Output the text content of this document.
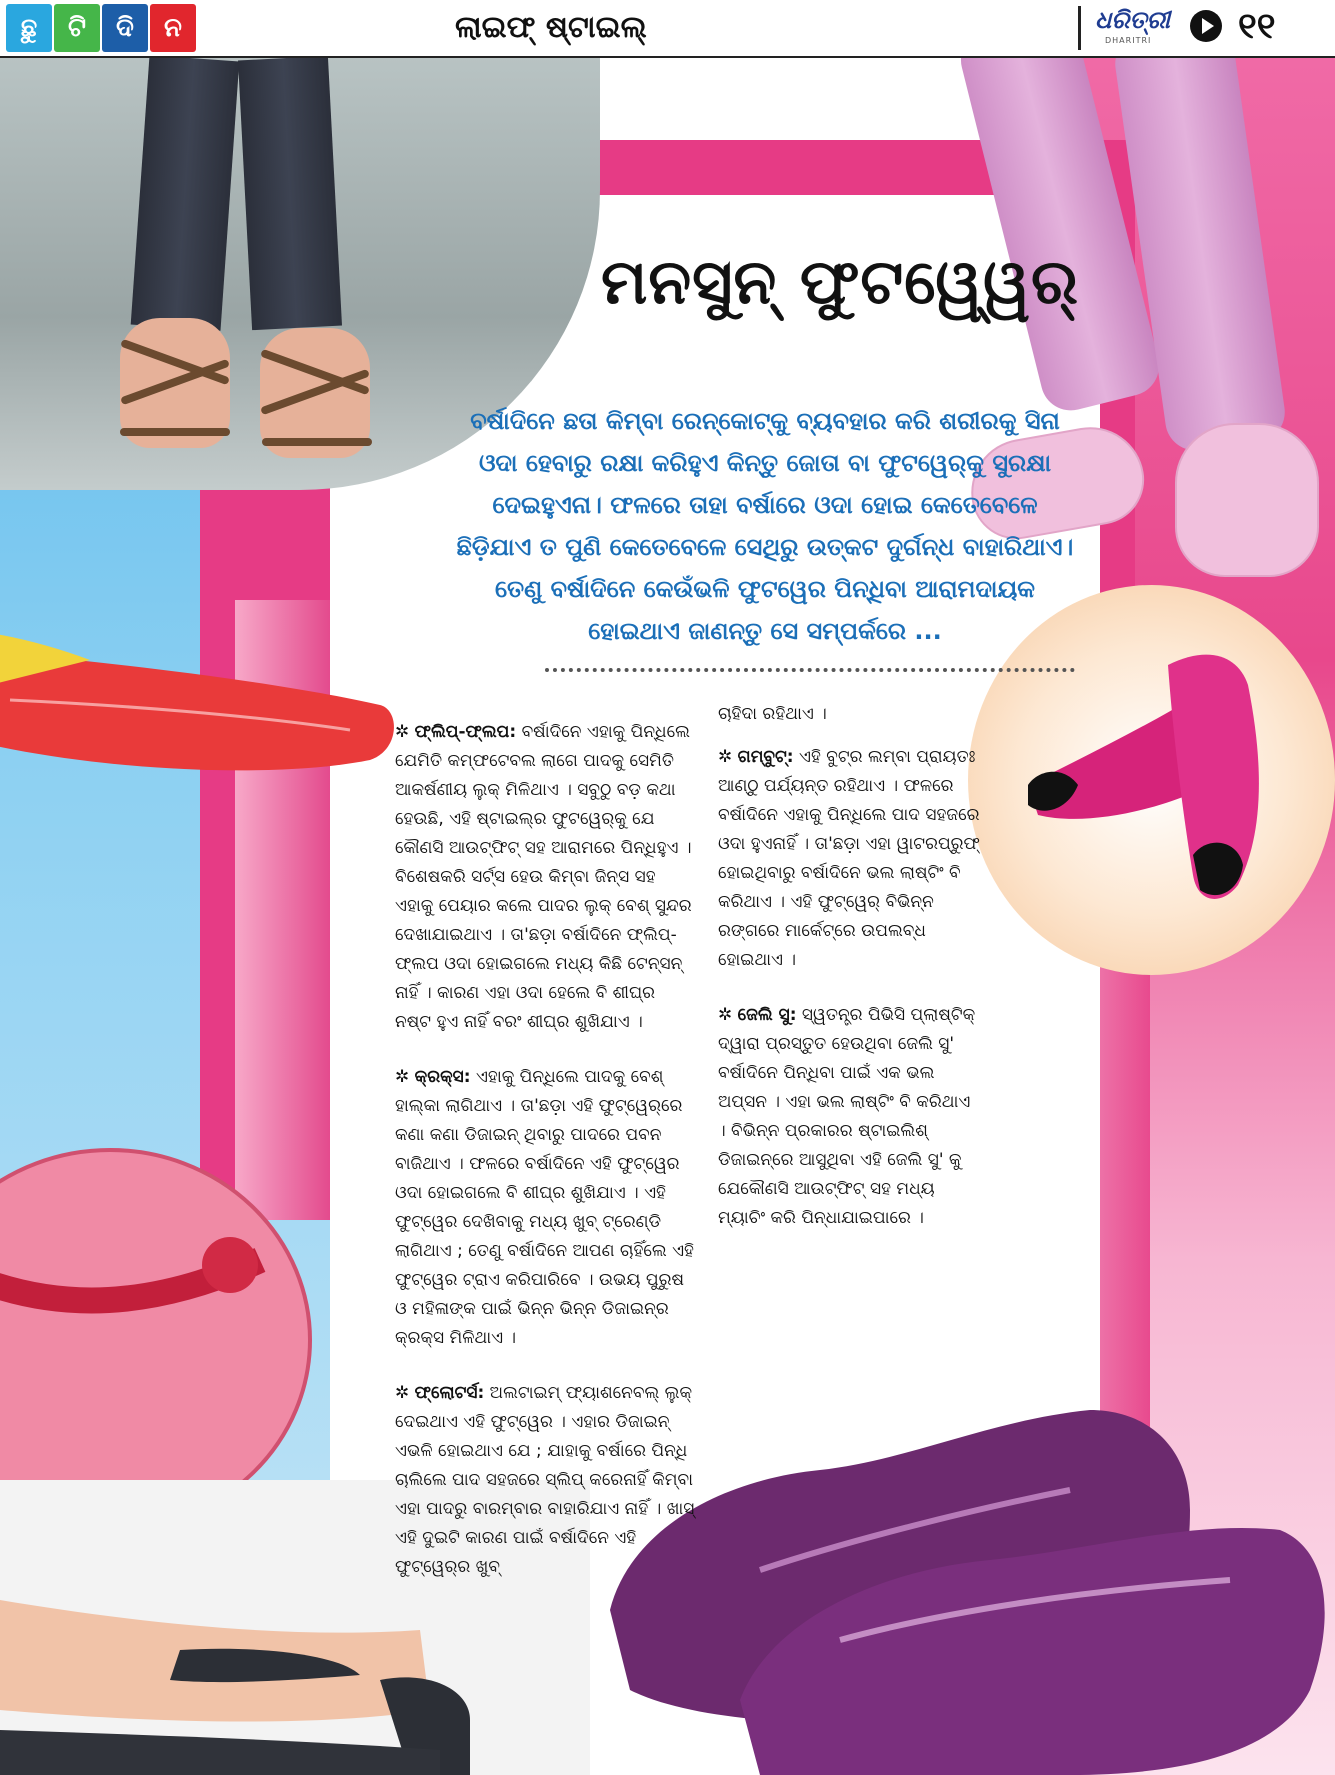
ଛୁ	ଟି	ଦି	ନ	ଲାଇଫ୍ ଷ୍ଟାଇଲ୍	ଧରିତ୍ରୀ
DHARITRI ୧୧
ମନସୁନ୍ ଫୁଟୱେ୍ୱର୍
ବର୍ଷାଦିନେ ଛତା କିମ୍ବା ରେନ୍‌କୋଟ୍‌କୁ ବ୍ୟବହାର କରି ଶରୀରକୁ ସିନା ଓଦା ହେବାରୁ ରକ୍ଷା କରିହୁଏ କିନ୍ତୁ ଜୋତା ବା ଫୁଟୱେର୍‌କୁ ସୁରକ୍ଷା ଦେଇହୁଏନା। ଫଳରେ ତାହା ବର୍ଷାରେ ଓଦା ହୋଇ କେତେବେଳେ ଛିଡ଼ିଯାଏ ତ ପୁଣି କେତେବେଳେ ସେଥିରୁ ଉତ୍କଟ ଦୁର୍ଗନ୍ଧ ବାହାରିଥାଏ। ତେଣୁ ବର୍ଷାଦିନେ କେଉଁଭଳି ଫୁଟୱେର ପିନ୍ଧିବା ଆରାମଦାୟକ ହୋଇଥାଏ ଜାଣନ୍ତୁ ସେ ସମ୍ପର୍କରେ ...

✲ ଫ୍ଲିପ୍-ଫ୍ଲପ: ବର୍ଷାଦିନେ ଏହାକୁ ପିନ୍ଧିଲେ ଯେମିତି କମ୍ଫଟେବଲ ଲାଗେ ପାଦକୁ ସେମିତି ଆକର୍ଷଣୀୟ ଲୁକ୍ ମିଳିଥାଏ । ସବୁଠୁ ବଡ଼ କଥା ହେଉଛି, ଏହି ଷ୍ଟାଇଲ୍‌ର ଫୁଟୱେର୍‌କୁ ଯେ କୌଣସି ଆଉଟ୍‌ଫିଟ୍ ସହ ଆରାମରେ ପିନ୍ଧିହୁଏ । ବିଶେଷକରି ସର୍ଟ୍ସ ହେଉ କିମ୍ବା ଜିନ୍ସ ସହ ଏହାକୁ ପେୟାର କଲେ ପାଦର ଲୁକ୍ ବେଶ୍ ସୁନ୍ଦର ଦେଖାଯାଇଥାଏ । ତା'ଛଡ଼ା ବର୍ଷାଦିନେ ଫ୍ଲିପ୍-ଫ୍ଲପ ଓଦା ହୋଇଗଲେ ମଧ୍ୟ କିଛି ଟେନ୍‌ସନ୍ ନାହିଁ । କାରଣ ଏହା ଓଦା ହେଲେ ବି ଶୀଘ୍ର ନଷ୍ଟ ହୁଏ ନାହିଁ ବରଂ ଶୀଘ୍ର ଶୁଖିଯାଏ ।

✲ କ୍ରକ୍ସ: ଏହାକୁ ପିନ୍ଧିଲେ ପାଦକୁ ବେଶ୍ ହାଲ୍‌କା ଲାଗିଥାଏ । ତା'ଛଡ଼ା ଏହି ଫୁଟ୍‌ୱେର୍‌ରେ କଣା କଣା ଡିଜାଇନ୍ ଥିବାରୁ ପାଦରେ ପବନ ବାଜିଥାଏ । ଫଳରେ ବର୍ଷାଦିନେ ଏହି ଫୁଟ୍‌ୱେର ଓଦା ହୋଇଗଲେ ବି ଶୀଘ୍ର ଶୁଖିଯାଏ । ଏହି ଫୁଟ୍‌ୱେର ଦେଖିବାକୁ ମଧ୍ୟ ଖୁବ୍ ଟ୍ରେଣ୍ଡି ଲାଗିଥାଏ ; ତେଣୁ ବର୍ଷାଦିନେ ଆପଣ ଚାହିଁଲେ ଏହି ଫୁଟ୍‌ୱେର ଟ୍ରାଏ କରିପାରିବେ । ଉଭୟ ପୁରୁଷ ଓ ମହିଳାଙ୍କ ପାଇଁ ଭିନ୍ନ ଭିନ୍ନ ଡିଜାଇନ୍‌ର କ୍ରକ୍ସ ମିଳିଥାଏ ।

✲ ଫ୍ଲୋଟର୍ସ: ଅଲଟାଇମ୍ ଫ୍ୟାଶନେବଲ୍ ଲୁକ୍ ଦେଇଥାଏ ଏହି ଫୁଟ୍‌ୱେର । ଏହାର ଡିଜାଇନ୍ ଏଭଳି ହୋଇଥାଏ ଯେ ; ଯାହାକୁ ବର୍ଷାରେ ପିନ୍ଧି ଚାଲିଲେ ପାଦ ସହଜରେ ସ୍ଲିପ୍ କରେନାହିଁ କିମ୍ବା ଏହା ପାଦରୁ ବାରମ୍ବାର ବାହାରିଯାଏ ନାହିଁ । ଖାସ୍ ଏହି ଦୁଇଟି କାରଣ ପାଇଁ ବର୍ଷାଦିନେ ଏହି ଫୁଟ୍‌ୱେର୍‌ର ଖୁବ୍

ଚାହିଦା ରହିଥାଏ ।

✲ ଗମ୍‌ବୁଟ୍: ଏହି ବୁଟ୍‌ର ଲମ୍ବା ପ୍ରାୟତଃ ଆଣ୍ଠୁ ପର୍ଯ୍ୟନ୍ତ ରହିଥାଏ । ଫଳରେ ବର୍ଷାଦିନେ ଏହାକୁ ପିନ୍ଧିଲେ ପାଦ ସହଜରେ ଓଦା ହୁଏନାହିଁ । ତା'ଛଡ଼ା ଏହା ୱାଟରପ୍ରୁଫ୍ ହୋଇଥିବାରୁ ବର୍ଷାଦିନେ ଭଲ ଲାଷ୍ଟିଂ ବି କରିଥାଏ । ଏହି ଫୁଟ୍‌ୱେର୍ ବିଭିନ୍ନ ରଙ୍ଗରେ ମାର୍କେଟ୍‌ରେ ଉପଲବ୍ଧ ହୋଇଥାଏ ।

✲ ଜେଲି ସୁ: ସ୍ୱତନ୍ତ୍ର ପିଭିସି ପ୍ଲାଷ୍ଟିକ୍ ଦ୍ୱାରା ପ୍ରସ୍ତୁତ ହେଉଥିବା ଜେଲି ସୁ' ବର୍ଷାଦିନେ ପିନ୍ଧିବା ପାଇଁ ଏକ ଭଲ ଅପ୍ସନ । ଏହା ଭଲ ଲାଷ୍ଟିଂ ବି କରିଥାଏ । ବିଭିନ୍ନ ପ୍ରକାରର ଷ୍ଟାଇଲିଶ୍ ଡିଜାଇନ୍‌ରେ ଆସୁଥିବା ଏହି ଜେଲି ସୁ' କୁ ଯେକୌଣସି ଆଉଟ୍‌ଫିଟ୍ ସହ ମଧ୍ୟ ମ୍ୟାଚିଂ କରି ପିନ୍ଧାଯାଇପାରେ ।
